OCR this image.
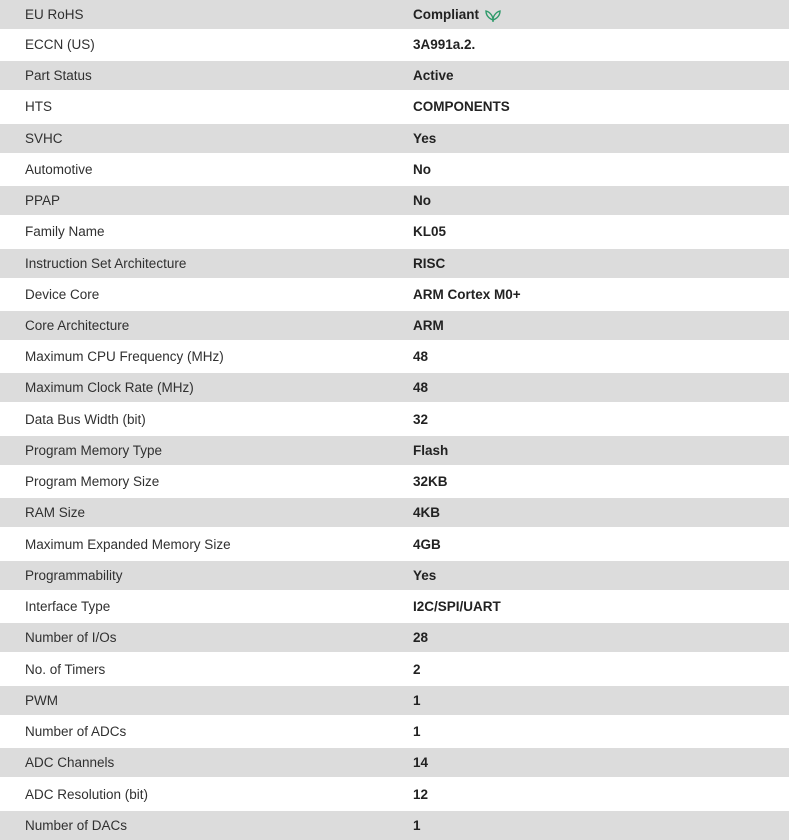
EU RoHS	Compliant
ECCN (US)	3A991a.2.
Part Status	Active
HTS	COMPONENTS
SVHC	Yes
Automotive	No
PPAP	No
Family Name	KL05
Instruction Set Architecture	RISC
Device Core	ARM Cortex M0+
Core Architecture	ARM
Maximum CPU Frequency (MHz)	48
Maximum Clock Rate (MHz)	48
Data Bus Width (bit)	32
Program Memory Type	Flash
Program Memory Size	32KB
RAM Size	4KB
Maximum Expanded Memory Size	4GB
Programmability	Yes
Interface Type	I2C/SPI/UART
Number of I/Os	28
No. of Timers	2
PWM	1
Number of ADCs	1
ADC Channels	14
ADC Resolution (bit)	12
Number of DACs	1
